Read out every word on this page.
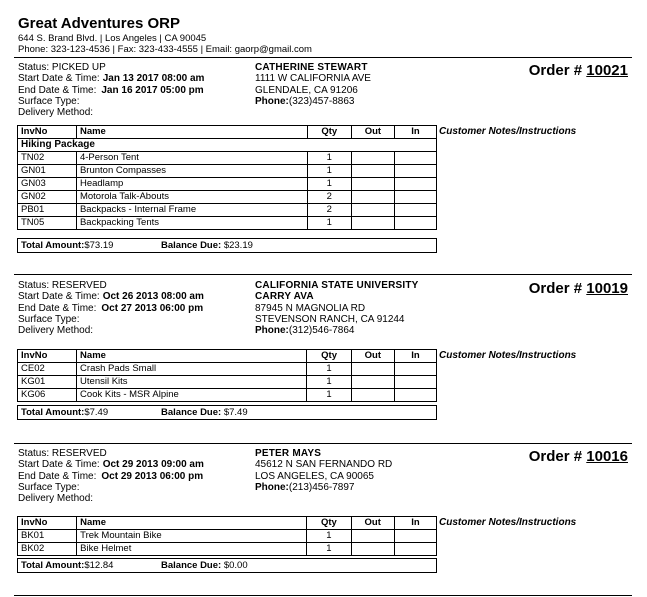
Great Adventures ORP
644 S. Brand Blvd. | Los Angeles | CA 90045
Phone: 323-123-4536 | Fax: 323-433-4555 | Email: gaorp@gmail.com
Status: PICKED UP
Start Date & Time: Jan 13 2017 08:00 am
End Date & Time: Jan 16 2017 05:00 pm
Surface Type:
Delivery Method:
CATHERINE STEWART
1111 W CALIFORNIA AVE
GLENDALE, CA 91206
Phone:(323)457-8863
Order # 10021
InvNo	Name	Qty	Out	In
Hiking Package				
TN02	4-Person Tent	1		
GN01	Brunton Compasses	1		
GN03	Headlamp	1		
GN02	Motorola Talk-Abouts	2		
PB01	Backpacks - Internal Frame	2		
TN05	Backpacking Tents	1		
Total Amount:$73.19	Balance Due: $23.19
Customer Notes/Instructions
Status: RESERVED
Start Date & Time: Oct 26 2013 08:00 am
End Date & Time: Oct 27 2013 06:00 pm
Surface Type:
Delivery Method:
CALIFORNIA STATE UNIVERSITY
CARRY AVA
87945 N MAGNOLIA RD
STEVENSON RANCH, CA 91244
Phone:(312)546-7864
Order # 10019
InvNo	Name	Qty	Out	In
CE02	Crash Pads Small	1		
KG01	Utensil Kits	1		
KG06	Cook Kits - MSR Alpine	1		
Total Amount:$7.49	Balance Due: $7.49
Customer Notes/Instructions
Status: RESERVED
Start Date & Time: Oct 29 2013 09:00 am
End Date & Time: Oct 29 2013 06:00 pm
Surface Type:
Delivery Method:
PETER MAYS
45612 N SAN FERNANDO RD
LOS ANGELES, CA 90065
Phone:(213)456-7897
Order # 10016
InvNo	Name	Qty	Out	In
BK01	Trek Mountain Bike	1		
BK02	Bike Helmet	1		
Total Amount:$12.84	Balance Due: $0.00
Customer Notes/Instructions
